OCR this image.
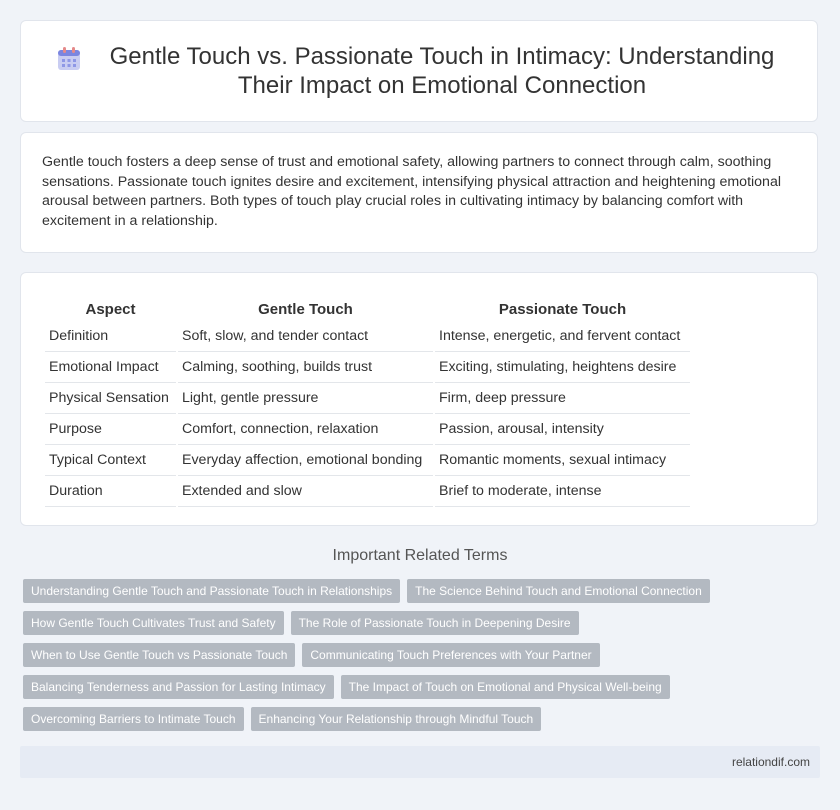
Gentle Touch vs. Passionate Touch in Intimacy: Understanding Their Impact on Emotional Connection

Gentle touch fosters a deep sense of trust and emotional safety, allowing partners to connect through calm, soothing sensations. Passionate touch ignites desire and excitement, intensifying physical attraction and heightening emotional arousal between partners. Both types of touch play crucial roles in cultivating intimacy by balancing comfort with excitement in a relationship.

Aspect	Gentle Touch	Passionate Touch
Definition	Soft, slow, and tender contact	Intense, energetic, and fervent contact
Emotional Impact	Calming, soothing, builds trust	Exciting, stimulating, heightens desire
Physical Sensation	Light, gentle pressure	Firm, deep pressure
Purpose	Comfort, connection, relaxation	Passion, arousal, intensity
Typical Context	Everyday affection, emotional bonding	Romantic moments, sexual intimacy
Duration	Extended and slow	Brief to moderate, intense
Important Related Terms
Understanding Gentle Touch and Passionate Touch in Relationships The Science Behind Touch and Emotional Connection
How Gentle Touch Cultivates Trust and Safety The Role of Passionate Touch in Deepening Desire
When to Use Gentle Touch vs Passionate Touch Communicating Touch Preferences with Your Partner
Balancing Tenderness and Passion for Lasting Intimacy The Impact of Touch on Emotional and Physical Well-being
Overcoming Barriers to Intimate Touch Enhancing Your Relationship through Mindful Touch
relationdif.com
